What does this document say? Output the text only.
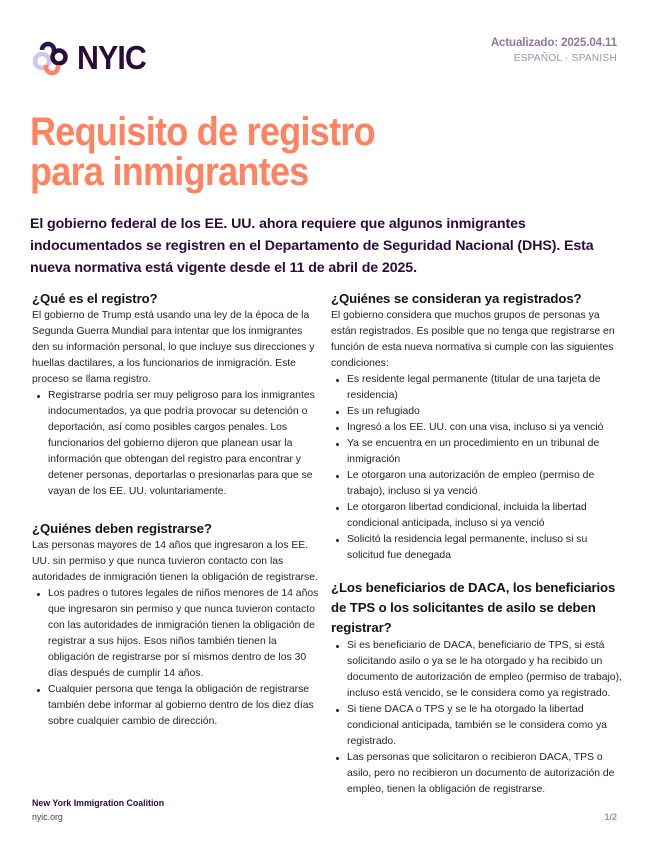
NYIC	Actualizado: 2025.04.11
ESPAÑOL · SPANISH
Requisito de registro
para inmigrantes

El gobierno federal de los EE. UU. ahora requiere que algunos inmigrantes indocumentados se registren en el Departamento de Seguridad Nacional (DHS). Esta nueva normativa está vigente desde el 11 de abril de 2025.

¿Qué es el registro?

El gobierno de Trump está usando una ley de la época de la Segunda Guerra Mundial para intentar que los inmigrantes den su información personal, lo que incluye sus direcciones y huellas dactilares, a los funcionarios de inmigración. Este proceso se llama registro.

Registrarse podría ser muy peligroso para los inmigrantes indocumentados, ya que podría provocar su detención o deportación, así como posibles cargos penales. Los funcionarios del gobierno dijeron que planean usar la información que obtengan del registro para encontrar y detener personas, deportarlas o presionarlas para que se vayan de los EE. UU. voluntariamente.
¿Quiénes deben registrarse?

Las personas mayores de 14 años que ingresaron a los EE. UU. sin permiso y que nunca tuvieron contacto con las autoridades de inmigración tienen la obligación de registrarse.

Los padres o tutores legales de niños menores de 14 años que ingresaron sin permiso y que nunca tuvieron contacto con las autoridades de inmigración tienen la obligación de registrar a sus hijos. Esos niños también tienen la obligación de registrarse por sí mismos dentro de los 30 días después de cumplir 14 años.
Cualquier persona que tenga la obligación de registrarse también debe informar al gobierno dentro de los diez días sobre cualquier cambio de dirección.
¿Quiénes se consideran ya registrados?

El gobierno considera que muchos grupos de personas ya están registrados. Es posible que no tenga que registrarse en función de esta nueva normativa si cumple con las siguientes condiciones:

Es residente legal permanente (titular de una tarjeta de residencia)
Es un refugiado
Ingresó a los EE. UU. con una visa, incluso si ya venció
Ya se encuentra en un procedimiento en un tribunal de inmigración
Le otorgaron una autorización de empleo (permiso de trabajo), incluso si ya venció
Le otorgaron libertad condicional, incluida la libertad condicional anticipada, incluso si ya venció
Solicitó la residencia legal permanente, incluso si su solicitud fue denegada
¿Los beneficiarios de DACA, los beneficiarios de TPS o los solicitantes de asilo se deben registrar?
Si es beneficiario de DACA, beneficiario de TPS, si está solicitando asilo o ya se le ha otorgado y ha recibido un documento de autorización de empleo (permiso de trabajo), incluso está vencido, se le considera como ya registrado.
Si tiene DACA o TPS y se le ha otorgado la libertad condicional anticipada, también se le considera como ya registrado.
Las personas que solicitaron o recibieron DACA, TPS o asilo, pero no recibieron un documento de autorización de empleo, tienen la obligación de registrarse.
New York Immigration Coalition
nyic.org	1/2
